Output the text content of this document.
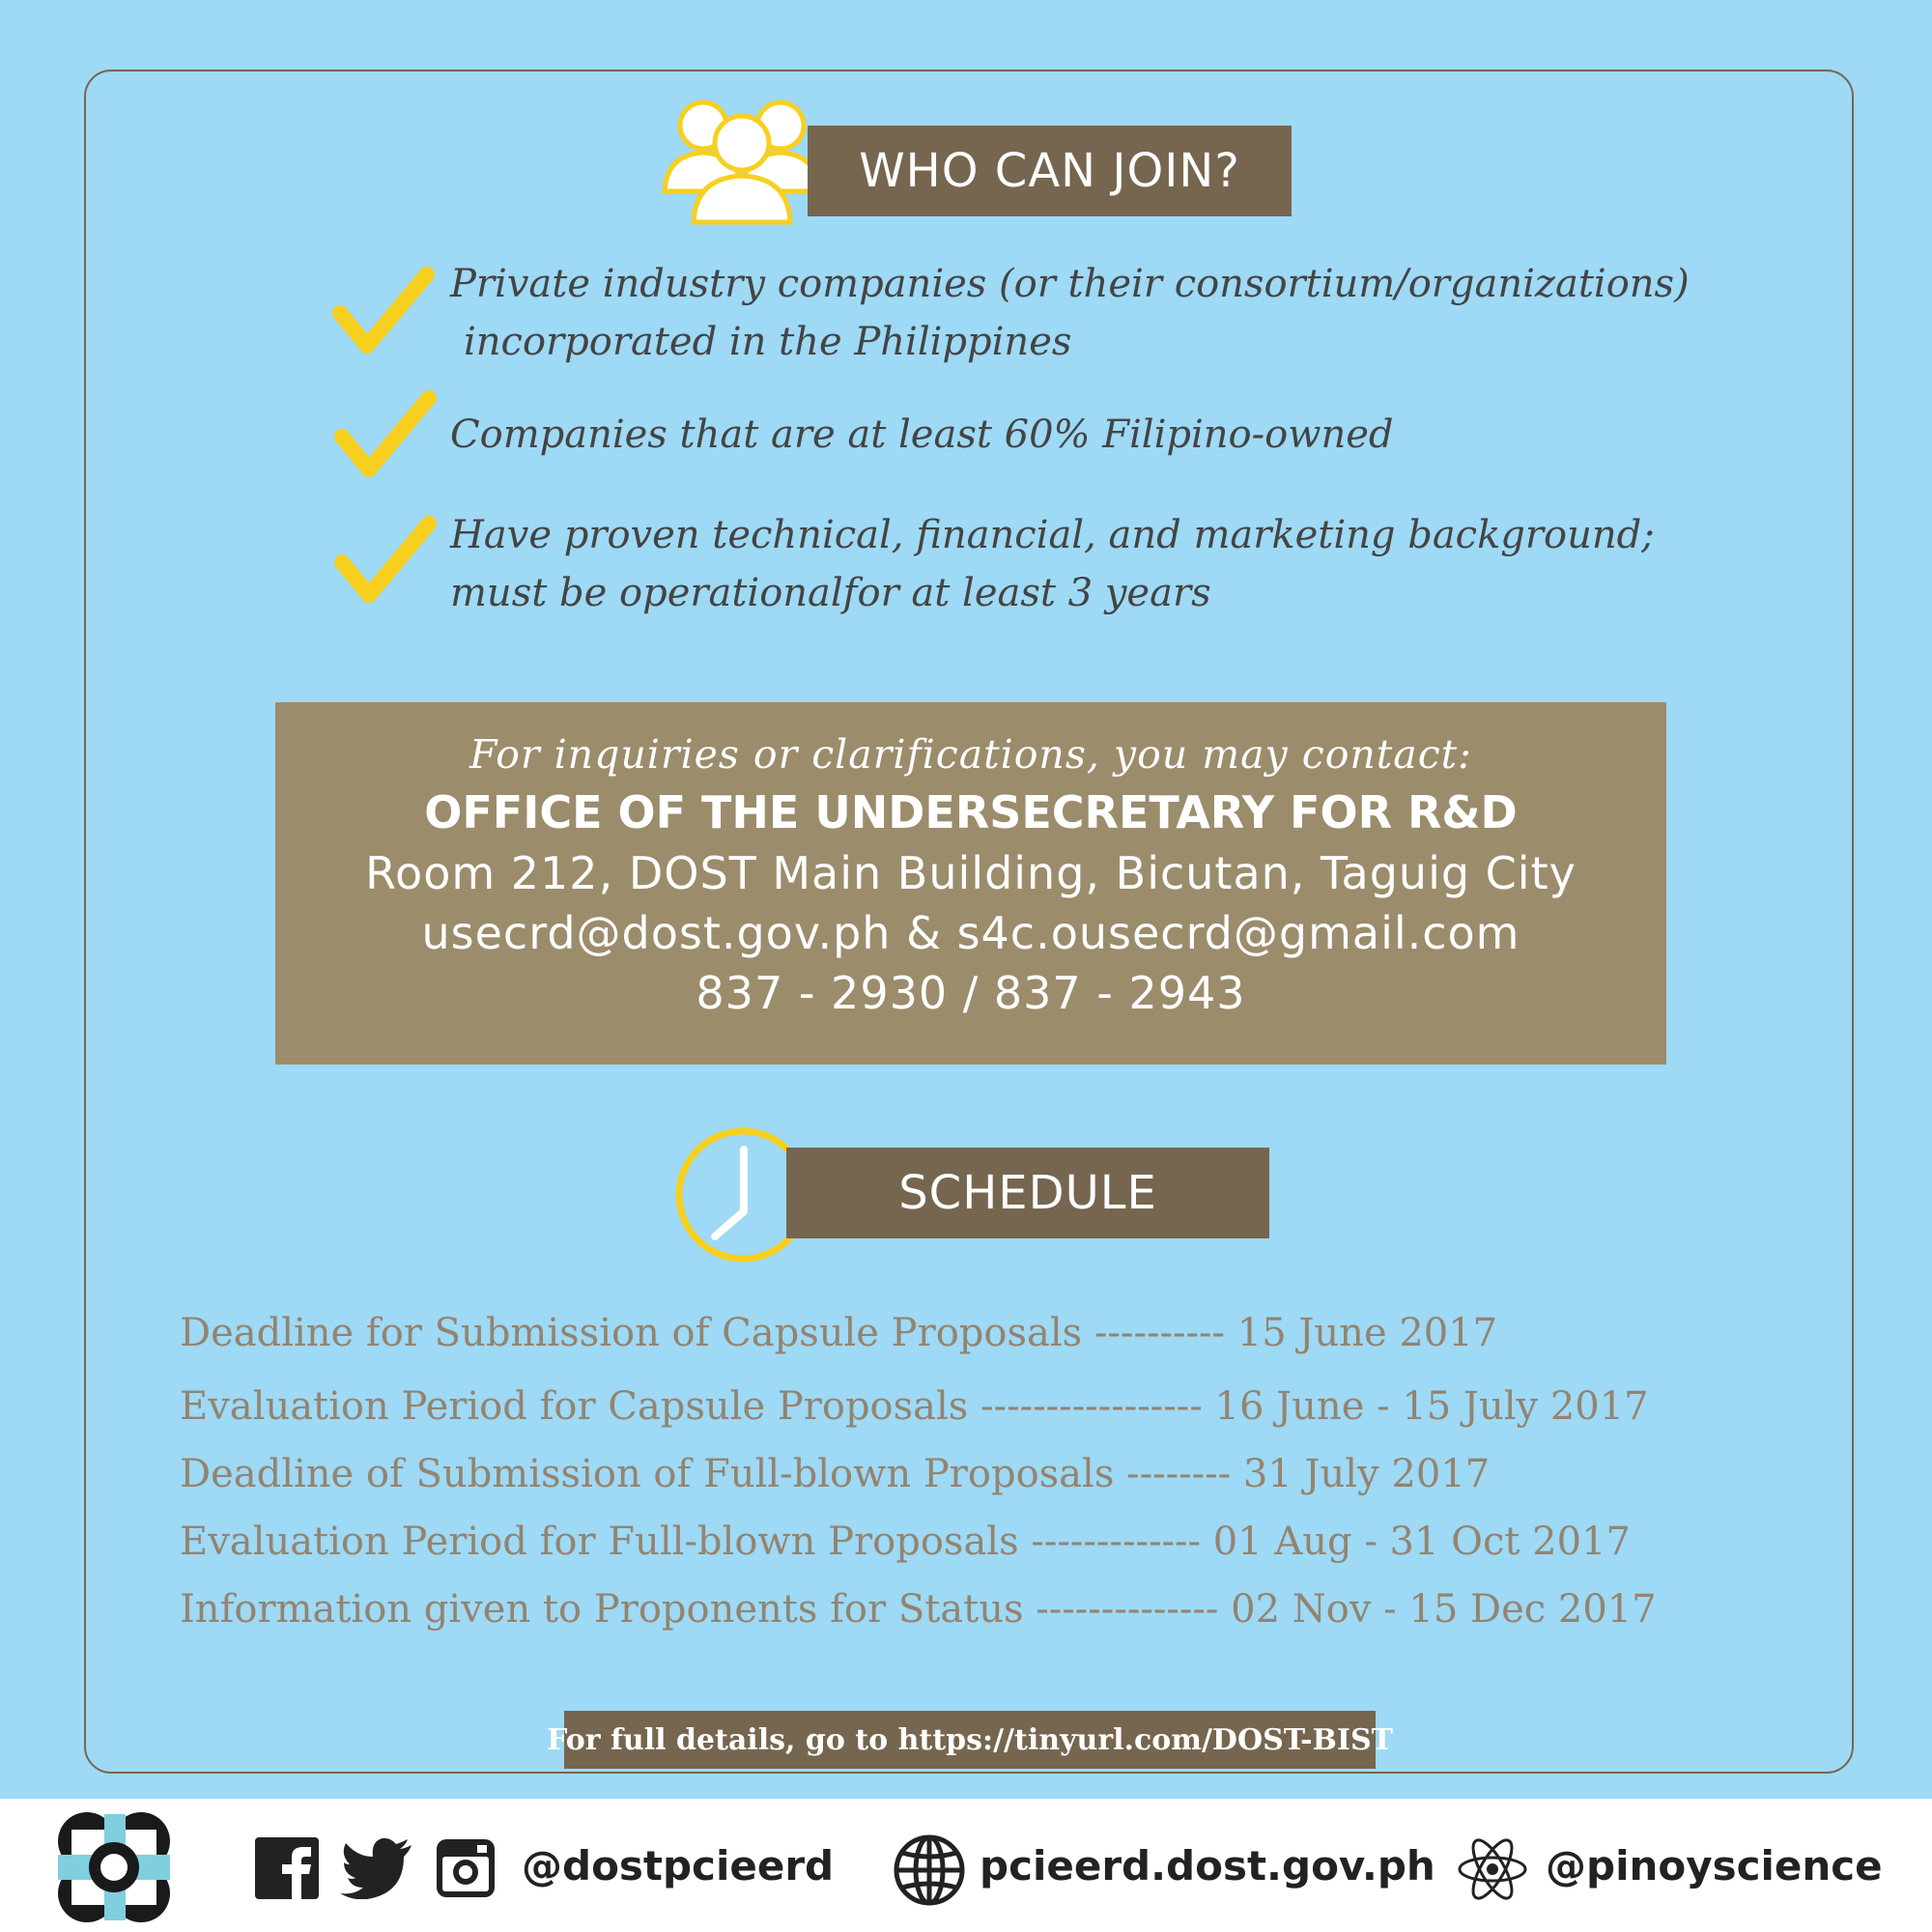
WHO CAN JOIN?
Private industry companies (or their consortium/organizations)
incorporated in the Philippines
Companies that are at least 60% Filipino-owned
Have proven technical, financial, and marketing background;
must be operationalfor at least 3 years
For inquiries or clarifications, you may contact:
OFFICE OF THE UNDERSECRETARY FOR R&D
Room 212, DOST Main Building, Bicutan, Taguig City
usecrd@dost.gov.ph & s4c.ousecrd@gmail.com
837 - 2930 / 837 - 2943
SCHEDULE
Deadline for Submission of Capsule Proposals ---------- 15 June 2017
Evaluation Period for Capsule Proposals ----------------- 16 June - 15 July 2017
Deadline of Submission of Full-blown Proposals -------- 31 July 2017
Evaluation Period for Full-blown Proposals ------------- 01 Aug - 31 Oct 2017
Information given to Proponents for Status -------------- 02 Nov - 15 Dec 2017
For full details, go to https://tinyurl.com/DOST-BIST
@dostpcieerd	pcieerd.dost.gov.ph	@pinoyscience
